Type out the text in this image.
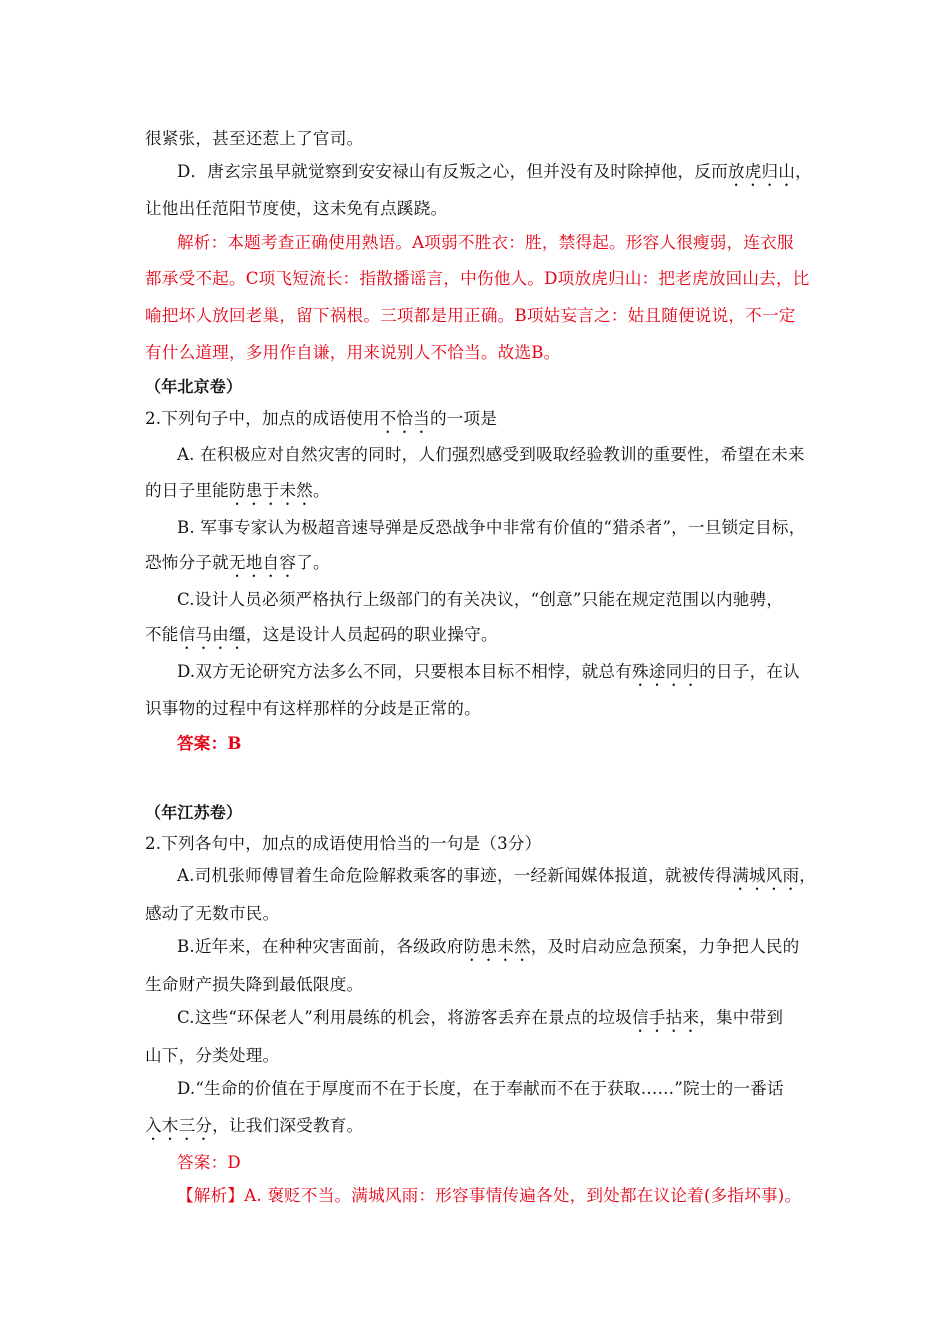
很紧张，甚至还惹上了官司。
D．唐玄宗虽早就觉察到安安禄山有反叛之心，但并没有及时除掉他，反而放虎归山，
让他出任范阳节度使，这未免有点蹊跷。
解析：本题考查正确使用熟语。A项弱不胜衣：胜，禁得起。形容人很瘦弱，连衣服
都承受不起。C项飞短流长：指散播谣言，中伤他人。D项放虎归山：把老虎放回山去，比
喻把坏人放回老巢，留下祸根。三项都是用正确。B项姑妄言之：姑且随便说说，不一定
有什么道理，多用作自谦，用来说别人不恰当。故选B。
（年北京卷）
2.下列句子中，加点的成语使用不恰当的一项是
A. 在积极应对自然灾害的同时，人们强烈感受到吸取经验教训的重要性，希望在未来
的日子里能防患于未然。
B. 军事专家认为极超音速导弹是反恐战争中非常有价值的“猎杀者”，一旦锁定目标，
恐怖分子就无地自容了。
C.设计人员必须严格执行上级部门的有关决议，“创意”只能在规定范围以内驰骋，
不能信马由缰，这是设计人员起码的职业操守。
D.双方无论研究方法多么不同，只要根本目标不相悖，就总有殊途同归的日子，在认
识事物的过程中有这样那样的分歧是正常的。
答案：B
（年江苏卷）
2.下列各句中，加点的成语使用恰当的一句是（3分）
A.司机张师傅冒着生命危险解救乘客的事迹，一经新闻媒体报道，就被传得满城风雨，
感动了无数市民。
B.近年来，在种种灾害面前，各级政府防患未然，及时启动应急预案，力争把人民的
生命财产损失降到最低限度。
C.这些“环保老人”利用晨练的机会，将游客丢弃在景点的垃圾信手拈来，集中带到
山下，分类处理。
D.“生命的价值在于厚度而不在于长度，在于奉献而不在于获取……”院士的一番话
入木三分，让我们深受教育。
答案：D
【解析】A. 褒贬不当。满城风雨：形容事情传遍各处，到处都在议论着(多指坏事)。
